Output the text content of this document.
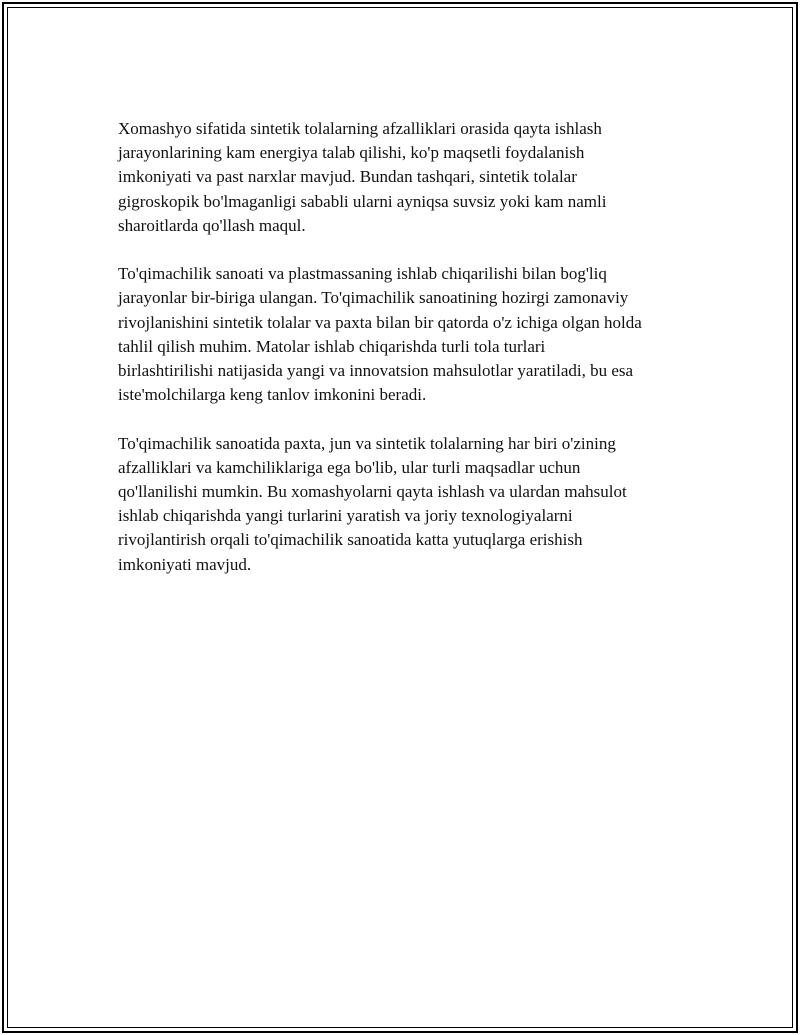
Xomashyo sifatida sintetik tolalarning afzalliklari orasida qayta ishlash
jarayonlarining kam energiya talab qilishi, ko'p maqsetli foydalanish
imkoniyati va past narxlar mavjud. Bundan tashqari, sintetik tolalar
gigroskopik bo'lmaganligi sababli ularni ayniqsa suvsiz yoki kam namli
sharoitlarda qo'llash maqul.

To'qimachilik sanoati va plastmassaning ishlab chiqarilishi bilan bog'liq
jarayonlar bir-biriga ulangan. To'qimachilik sanoatining hozirgi zamonaviy
rivojlanishini sintetik tolalar va paxta bilan bir qatorda o'z ichiga olgan holda
tahlil qilish muhim. Matolar ishlab chiqarishda turli tola turlari
birlashtirilishi natijasida yangi va innovatsion mahsulotlar yaratiladi, bu esa
iste'molchilarga keng tanlov imkonini beradi.

To'qimachilik sanoatida paxta, jun va sintetik tolalarning har biri o'zining
afzalliklari va kamchiliklariga ega bo'lib, ular turli maqsadlar uchun
qo'llanilishi mumkin. Bu xomashyolarni qayta ishlash va ulardan mahsulot
ishlab chiqarishda yangi turlarini yaratish va joriy texnologiyalarni
rivojlantirish orqali to'qimachilik sanoatida katta yutuqlarga erishish
imkoniyati mavjud.
